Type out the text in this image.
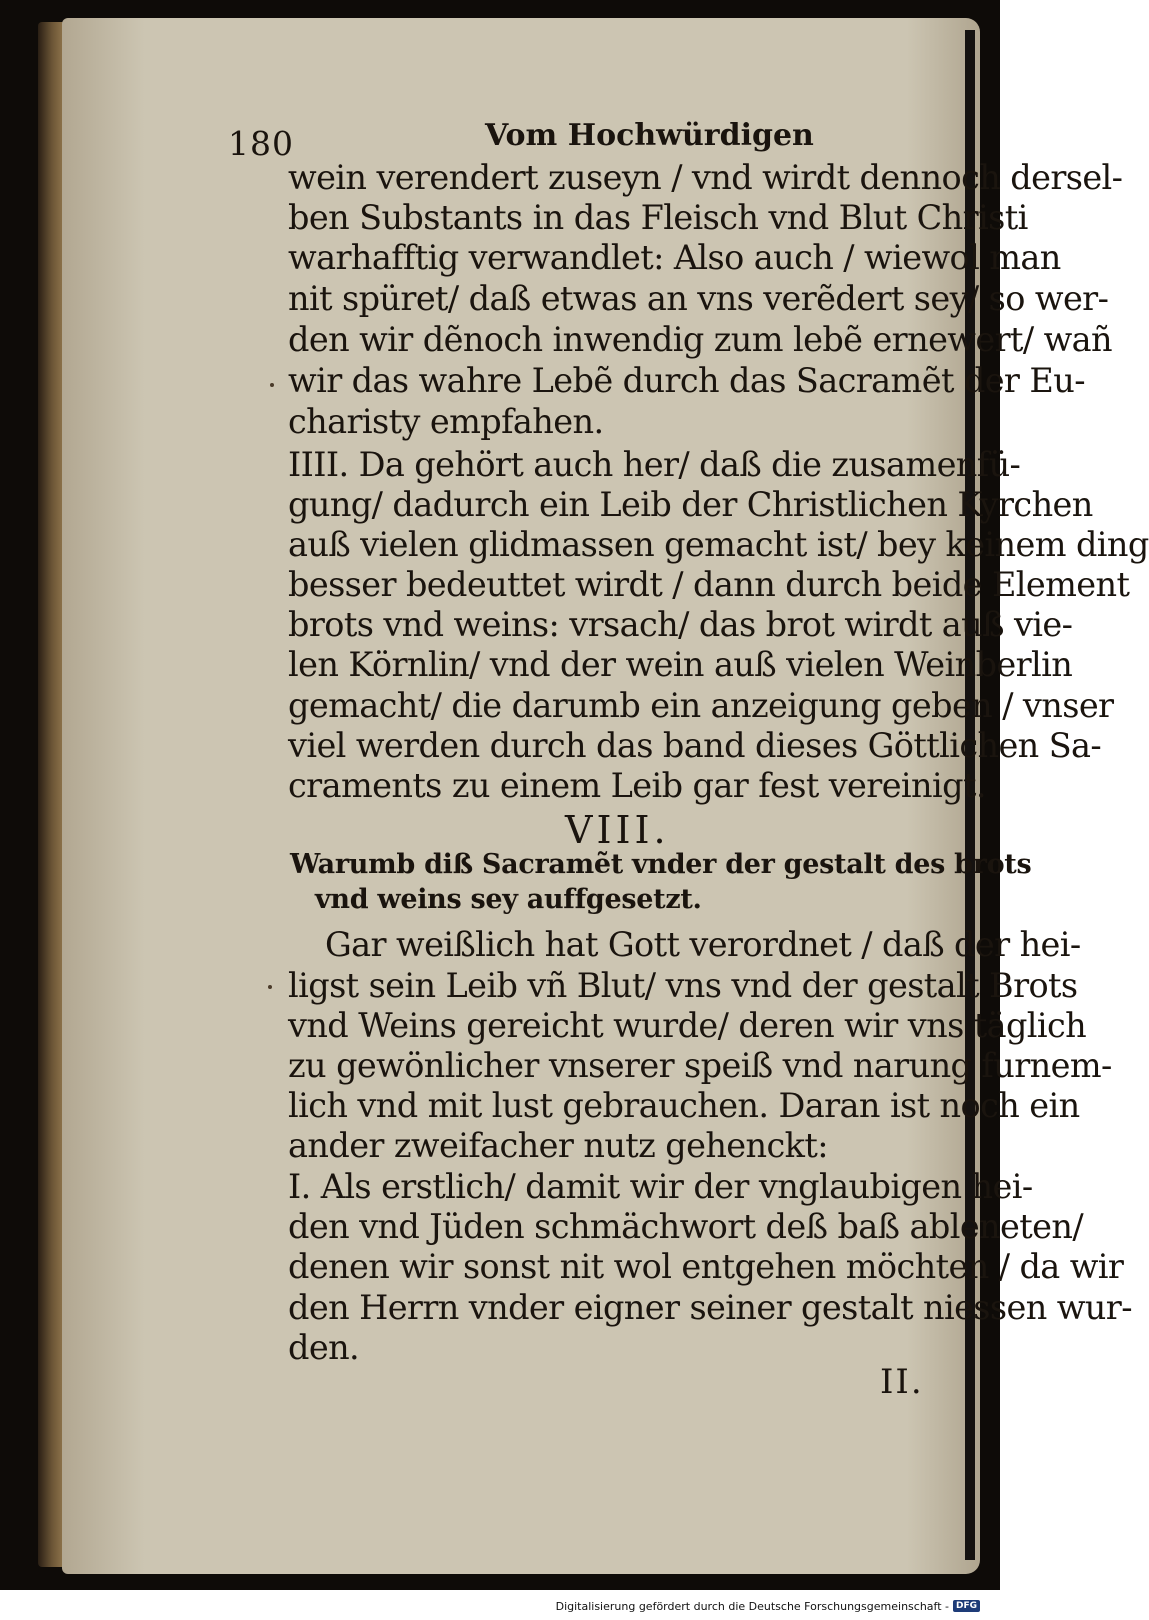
180	Vom Hochwürdigen
wein verendert zuseyn / vnd wirdt dennoch dersel-
ben Substants in das Fleisch vnd Blut Christi
warhafftig verwandlet: Also auch / wiewol man
nit spüret/ daß etwas an vns verẽdert sey/ so wer-
den wir dẽnoch inwendig zum lebẽ ernewert/ wañ
wir das wahre Lebẽ durch das Sacramẽt der Eu-
charisty empfahen.
IIII. Da gehört auch her/ daß die zusamenfü-
gung/ dadurch ein Leib der Christlichen Kyrchen
auß vielen glidmassen gemacht ist/ bey keinem ding
besser bedeuttet wirdt / dann durch beide Element
brots vnd weins: vrsach/ das brot wirdt auß vie-
len Körnlin/ vnd der wein auß vielen Weinberlin
gemacht/ die darumb ein anzeigung geben / vnser
viel werden durch das band dieses Göttlichen Sa-
craments zu einem Leib gar fest vereinigt.
VIII.
Warumb diß Sacramẽt vnder der gestalt des brots
vnd weins sey auffgesetzt.
Gar weißlich hat Gott verordnet / daß der hei-
ligst sein Leib vñ Blut/ vns vnd der gestalt Brots
vnd Weins gereicht wurde/ deren wir vns täglich
zu gewönlicher vnserer speiß vnd narung furnem-
lich vnd mit lust gebrauchen. Daran ist noch ein
ander zweifacher nutz gehenckt:
I. Als erstlich/ damit wir der vnglaubigen hei-
den vnd Jüden schmächwort deß baß ableneten/
denen wir sonst nit wol entgehen möchten / da wir
den Herrn vnder eigner seiner gestalt niessen wur-
den.
II.
Digitalisierung gefördert durch die Deutsche Forschungsgemeinschaft - DFG
